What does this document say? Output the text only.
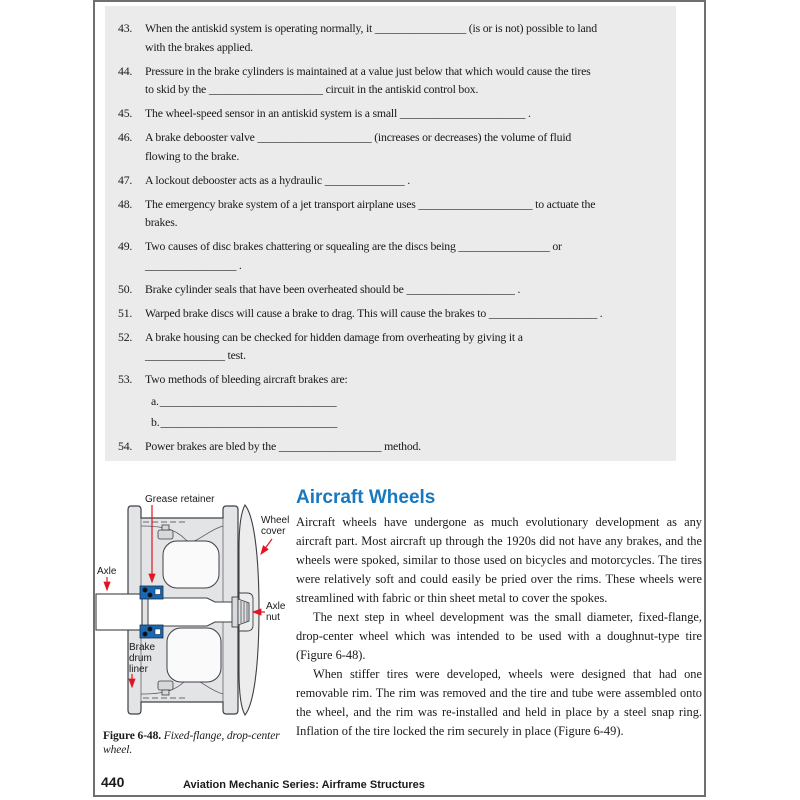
43.	When the antiskid system is operating normally, it ________________ (is or is not) possible to land
with the brakes applied.
44.	Pressure in the brake cylinders is maintained at a value just below that which would cause the tires
to skid by the ____________________ circuit in the antiskid control box.
45.	The wheel-speed sensor in an antiskid system is a small ______________________ .
46.	A brake debooster valve ____________________ (increases or decreases) the volume of fluid
flowing to the brake.
47.	A lockout debooster acts as a hydraulic ______________ .
48.	The emergency brake system of a jet transport airplane uses ____________________ to actuate the
brakes.
49.	Two causes of disc brakes chattering or squealing are the discs being ________________ or
________________ .
50.	Brake cylinder seals that have been overheated should be ___________________ .
51.	Warped brake discs will cause a brake to drag. This will cause the brakes to ___________________ .
52.	A brake housing can be checked for hidden damage from overheating by giving it a
______________ test.
53.	Two methods of bleeding aircraft brakes are:
a._______________________________
b._______________________________
54.	Power brakes are bled by the __________________ method.
Grease retainer
Wheel
cover
Axle
Axle
nut
Brake
drum
liner

Figure 6-48. Fixed-flange, drop-center wheel.

Aircraft Wheels

Aircraft wheels have undergone as much evolutionary development as any aircraft part. Most aircraft up through the 1920s did not have any brakes, and the wheels were spoked, similar to those used on bicycles and motorcycles. The tires were relatively soft and could easily be pried over the rims. These wheels were streamlined with fabric or thin sheet metal to cover the spokes.

The next step in wheel development was the small diameter, fixed-flange, drop-center wheel which was intended to be used with a doughnut-type tire (Figure 6-48).

When stiffer tires were developed, wheels were designed that had one removable rim. The rim was removed and the tire and tube were assembled onto the wheel, and the rim was re-installed and held in place by a steel snap ring. Inflation of the tire locked the rim securely in place (Figure 6-49).

440	Aviation Mechanic Series: Airframe Structures
